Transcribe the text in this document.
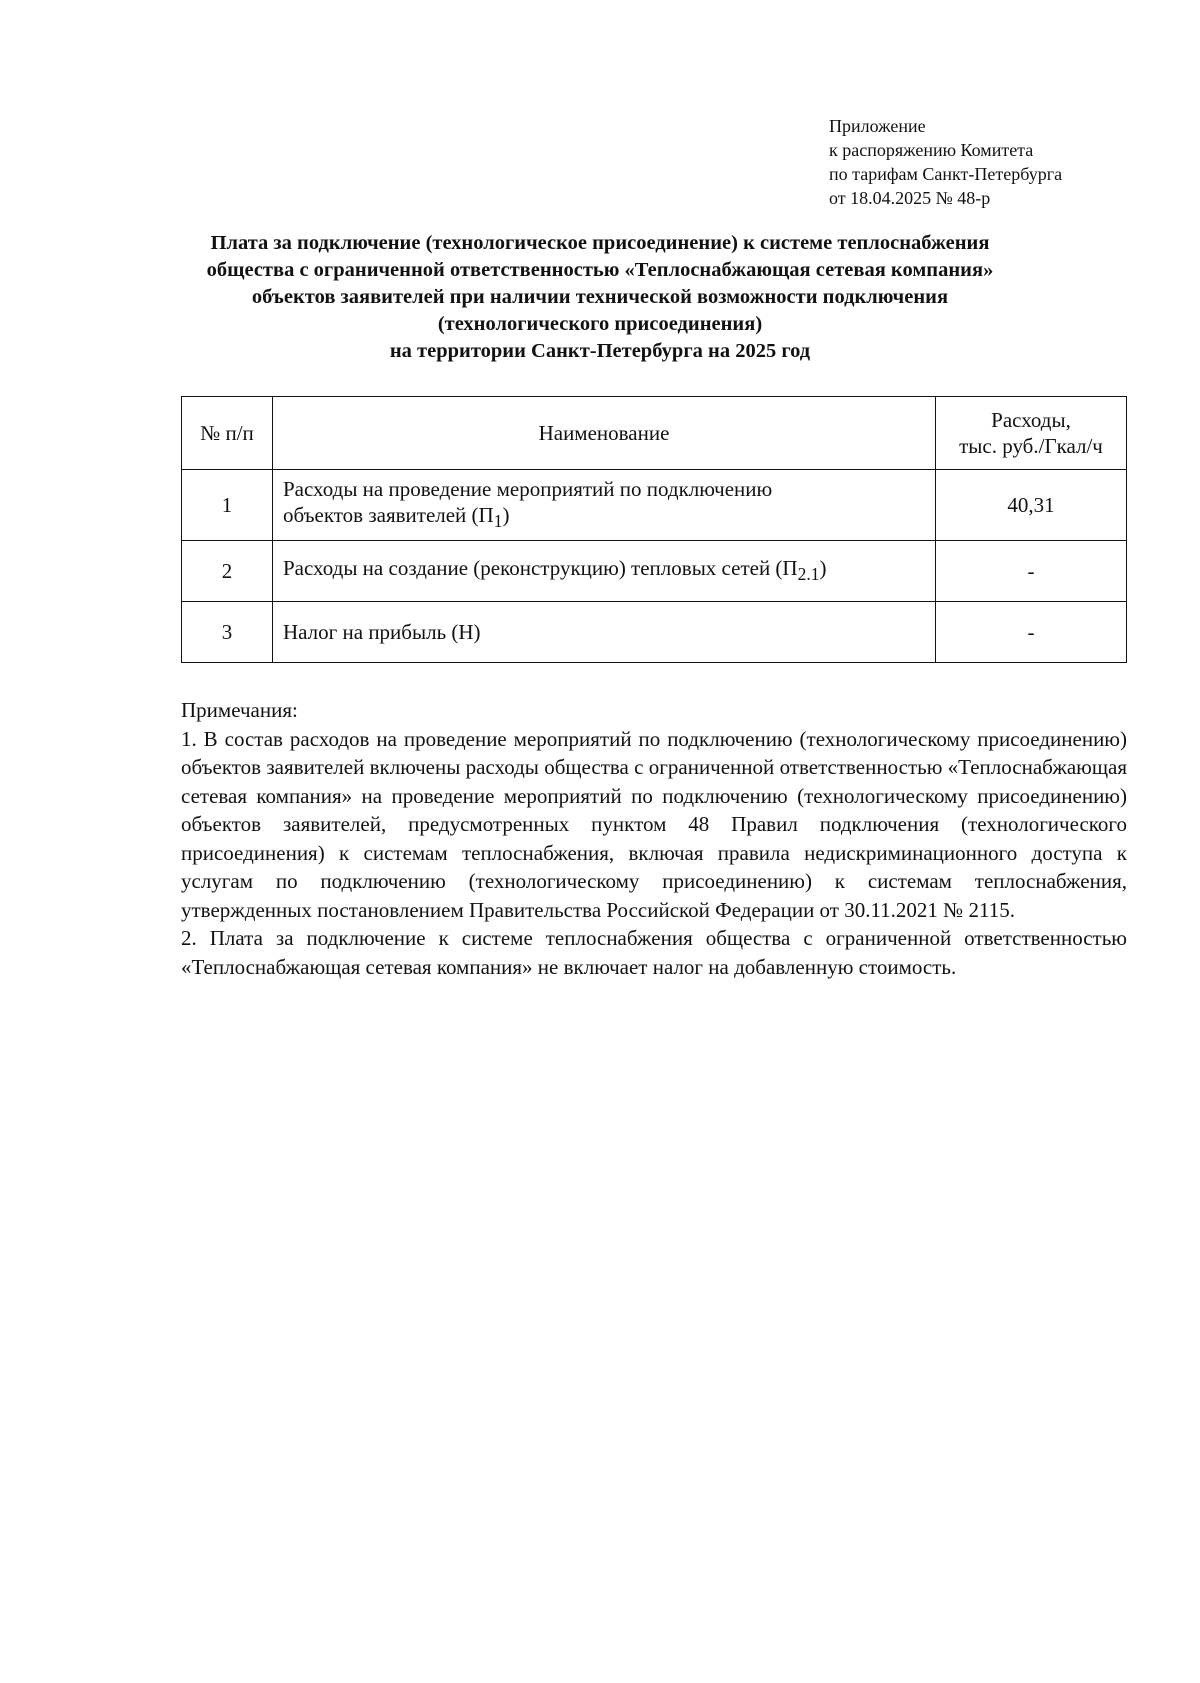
Приложение
к распоряжению Комитета
по тарифам Санкт-Петербурга
от 18.04.2025 № 48-р
Плата за подключение (технологическое присоединение) к системе теплоснабжения
общества с ограниченной ответственностью «Теплоснабжающая сетевая компания»
объектов заявителей при наличии технической возможности подключения
(технологического присоединения)
на территории Санкт-Петербурга на 2025 год
№ п/п	Наименование	Расходы,
тыс. руб./Гкал/ч
1	Расходы на проведение мероприятий по подключению
объектов заявителей $(П_1)$	40,31
2	Расходы на создание (реконструкцию) тепловых сетей $(П_{2.1})$	-
3	Налог на прибыль (Н)	-
Примечания:

1. В состав расходов на проведение мероприятий по подключению (технологическому присоединению) объектов заявителей включены расходы общества с ограниченной ответственностью «Теплоснабжающая сетевая компания» на проведение мероприятий по подключению (технологическому присоединению) объектов заявителей, предусмотренных пунктом 48 Правил подключения (технологического присоединения) к системам теплоснабжения, включая правила недискриминационного доступа к услугам по подключению (технологическому присоединению) к системам теплоснабжения, утвержденных постановлением Правительства Российской Федерации от 30.11.2021 № 2115.

2. Плата за подключение к системе теплоснабжения общества с ограниченной ответственностью «Теплоснабжающая сетевая компания» не включает налог на добавленную стоимость.
